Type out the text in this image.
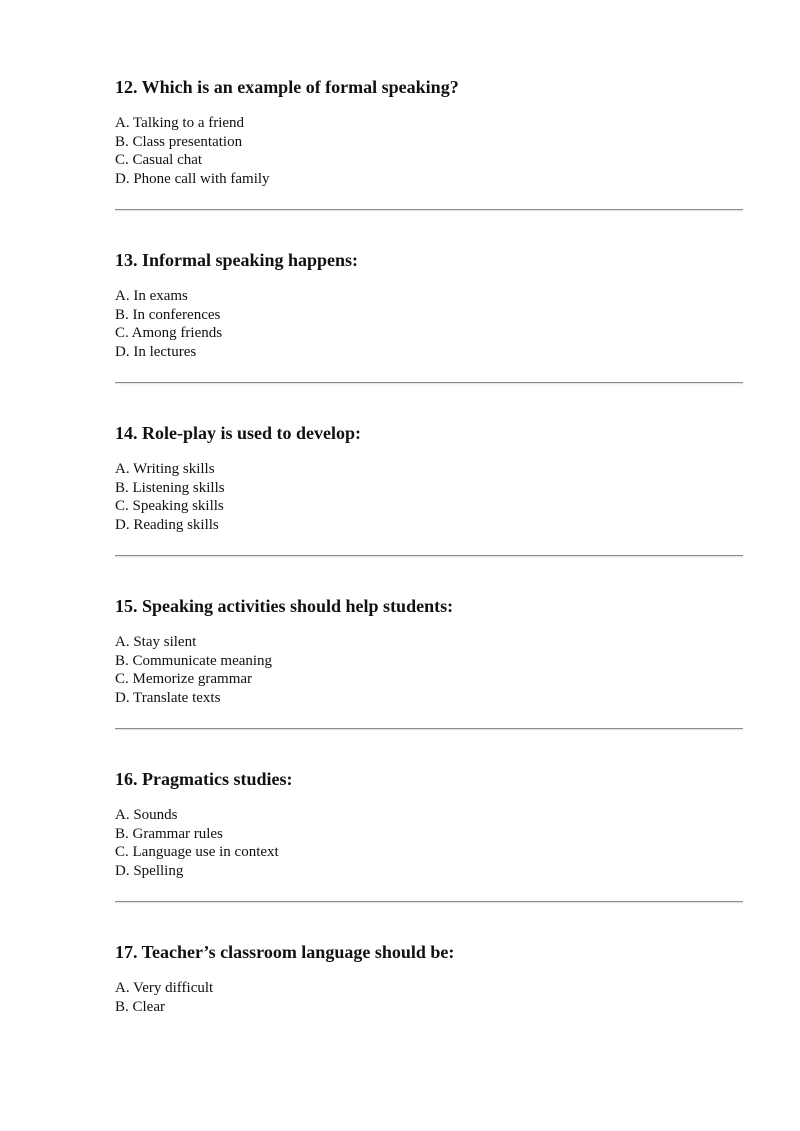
12. Which is an example of formal speaking?
A. Talking to a friend
B. Class presentation
C. Casual chat
D. Phone call with family
13. Informal speaking happens:
A. In exams
B. In conferences
C. Among friends
D. In lectures
14. Role-play is used to develop:
A. Writing skills
B. Listening skills
C. Speaking skills
D. Reading skills
15. Speaking activities should help students:
A. Stay silent
B. Communicate meaning
C. Memorize grammar
D. Translate texts
16. Pragmatics studies:
A. Sounds
B. Grammar rules
C. Language use in context
D. Spelling
17. Teacher’s classroom language should be:
A. Very difficult
B. Clear
